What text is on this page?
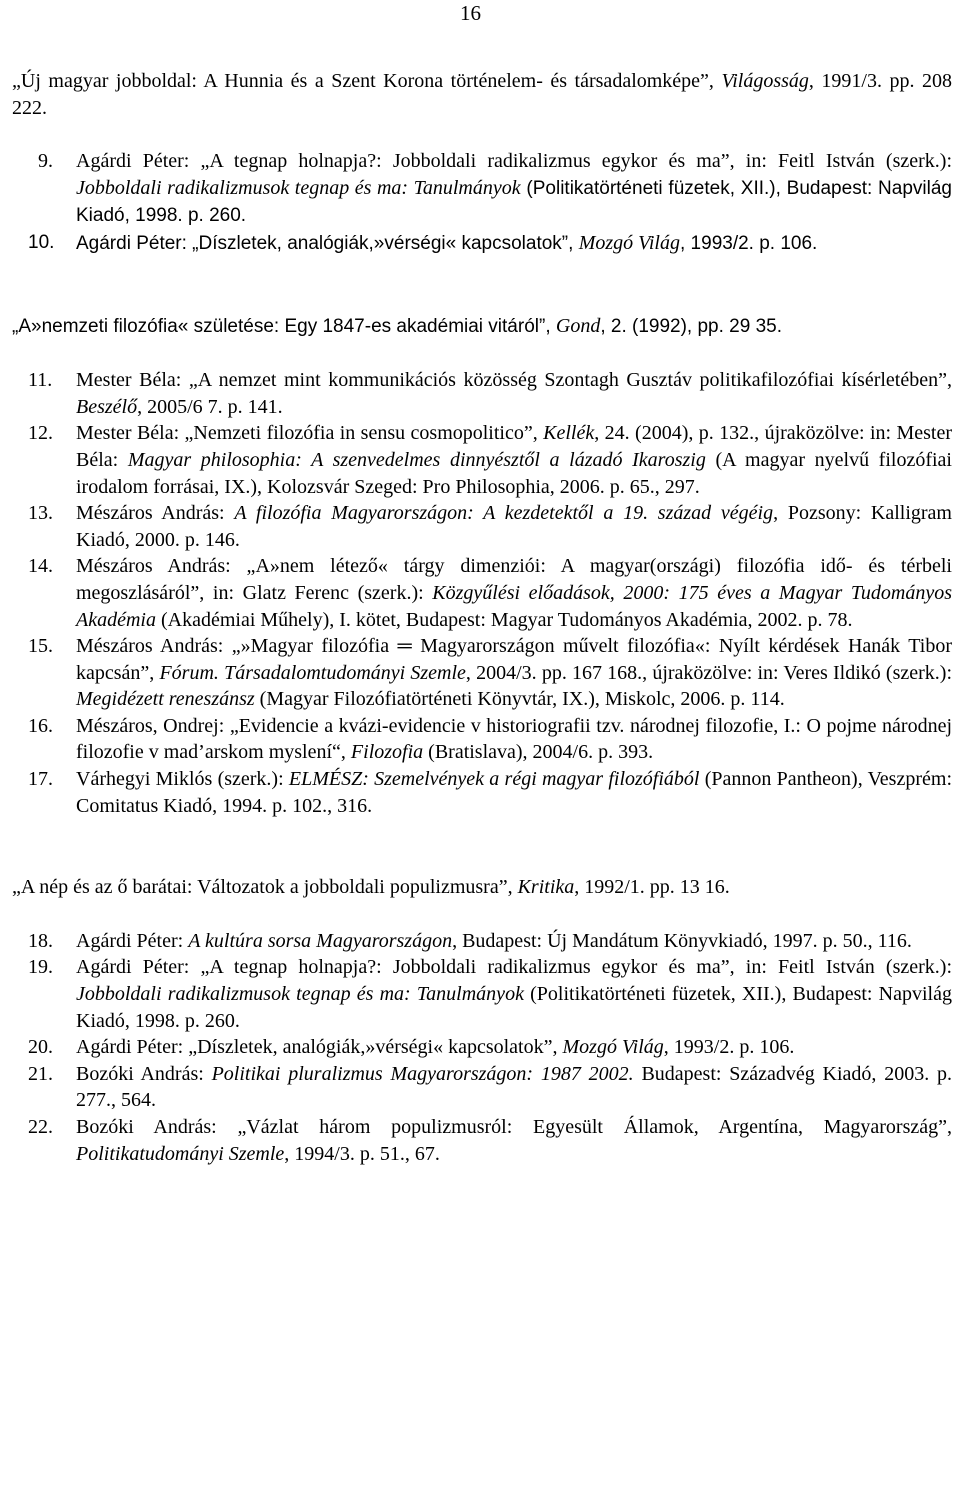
16

„Új magyar jobboldal: A Hunnia és a Szent Korona történelem- és társadalomképe”, Világosság, 1991/3. pp. 208 222.

9. Agárdi Péter: „A tegnap holnapja?: Jobboldali radikalizmus egykor és ma”, in: Feitl István (szerk.): Jobboldali radikalizmusok tegnap és ma: Tanulmányok (Politikatörténeti füzetek, XII.), Budapest: Napvilág Kiadó, 1998. p. 260.
10. Agárdi Péter: „Díszletek, analógiák,»vérségi« kapcsolatok”, Mozgó Világ, 1993/2. p. 106.

„A»nemzeti filozófia« születése: Egy 1847-es akadémiai vitáról”, Gond, 2. (1992), pp. 29 35.

11. Mester Béla: „A nemzet mint kommunikációs közösség Szontagh Gusztáv politikafilozófiai kísérletében”, Beszélő, 2005/6 7. p. 141.
12. Mester Béla: „Nemzeti filozófia in sensu cosmopolitico”, Kellék, 24. (2004), p. 132., újraközölve: in: Mester Béla: Magyar philosophia: A szenvedelmes dinnyésztől a lázadó Ikaroszig (A magyar nyelvű filozófiai irodalom forrásai, IX.), Kolozsvár Szeged: Pro Philosophia, 2006. p. 65., 297.
13. Mészáros András: A filozófia Magyarországon: A kezdetektől a 19. század végéig, Pozsony: Kalligram Kiadó, 2000. p. 146.
14. Mészáros András: „A»nem létező« tárgy dimenziói: A magyar(országi) filozófia idő- és térbeli megoszlásáról”, in: Glatz Ferenc (szerk.): Közgyűlési előadások, 2000: 175 éves a Magyar Tudományos Akadémia (Akadémiai Műhely), I. kötet, Budapest: Magyar Tudományos Akadémia, 2002. p. 78.
15. Mészáros András: „»Magyar filozófia ═ Magyarországon művelt filozófia«: Nyílt kérdések Hanák Tibor kapcsán”, Fórum. Társadalomtudományi Szemle, 2004/3. pp. 167 168., újraközölve: in: Veres Ildikó (szerk.): Megidézett reneszánsz (Magyar Filozófiatörténeti Könyvtár, IX.), Miskolc, 2006. p. 114.
16. Mészáros, Ondrej: „Evidencie a kvázi-evidencie v historiografii tzv. národnej filozofie, I.: O pojme národnej filozofie v mad’arskom myslení“, Filozofia (Bratislava), 2004/6. p. 393.
17. Várhegyi Miklós (szerk.): ELMÉSZ: Szemelvények a régi magyar filozófiából (Pannon Pantheon), Veszprém: Comitatus Kiadó, 1994. p. 102., 316.

„A nép és az ő barátai: Változatok a jobboldali populizmusra”, Kritika, 1992/1. pp. 13 16.

18. Agárdi Péter: A kultúra sorsa Magyarországon, Budapest: Új Mandátum Könyvkiadó, 1997. p. 50., 116.
19. Agárdi Péter: „A tegnap holnapja?: Jobboldali radikalizmus egykor és ma”, in: Feitl István (szerk.): Jobboldali radikalizmusok tegnap és ma: Tanulmányok (Politikatörténeti füzetek, XII.), Budapest: Napvilág Kiadó, 1998. p. 260.
20. Agárdi Péter: „Díszletek, analógiák,»vérségi« kapcsolatok”, Mozgó Világ, 1993/2. p. 106.
21. Bozóki András: Politikai pluralizmus Magyarországon: 1987 2002. Budapest: Századvég Kiadó, 2003. p. 277., 564.
22. Bozóki András: „Vázlat három populizmusról: Egyesült Államok, Argentína, Magyarország”, Politikatudományi Szemle, 1994/3. p. 51., 67.
